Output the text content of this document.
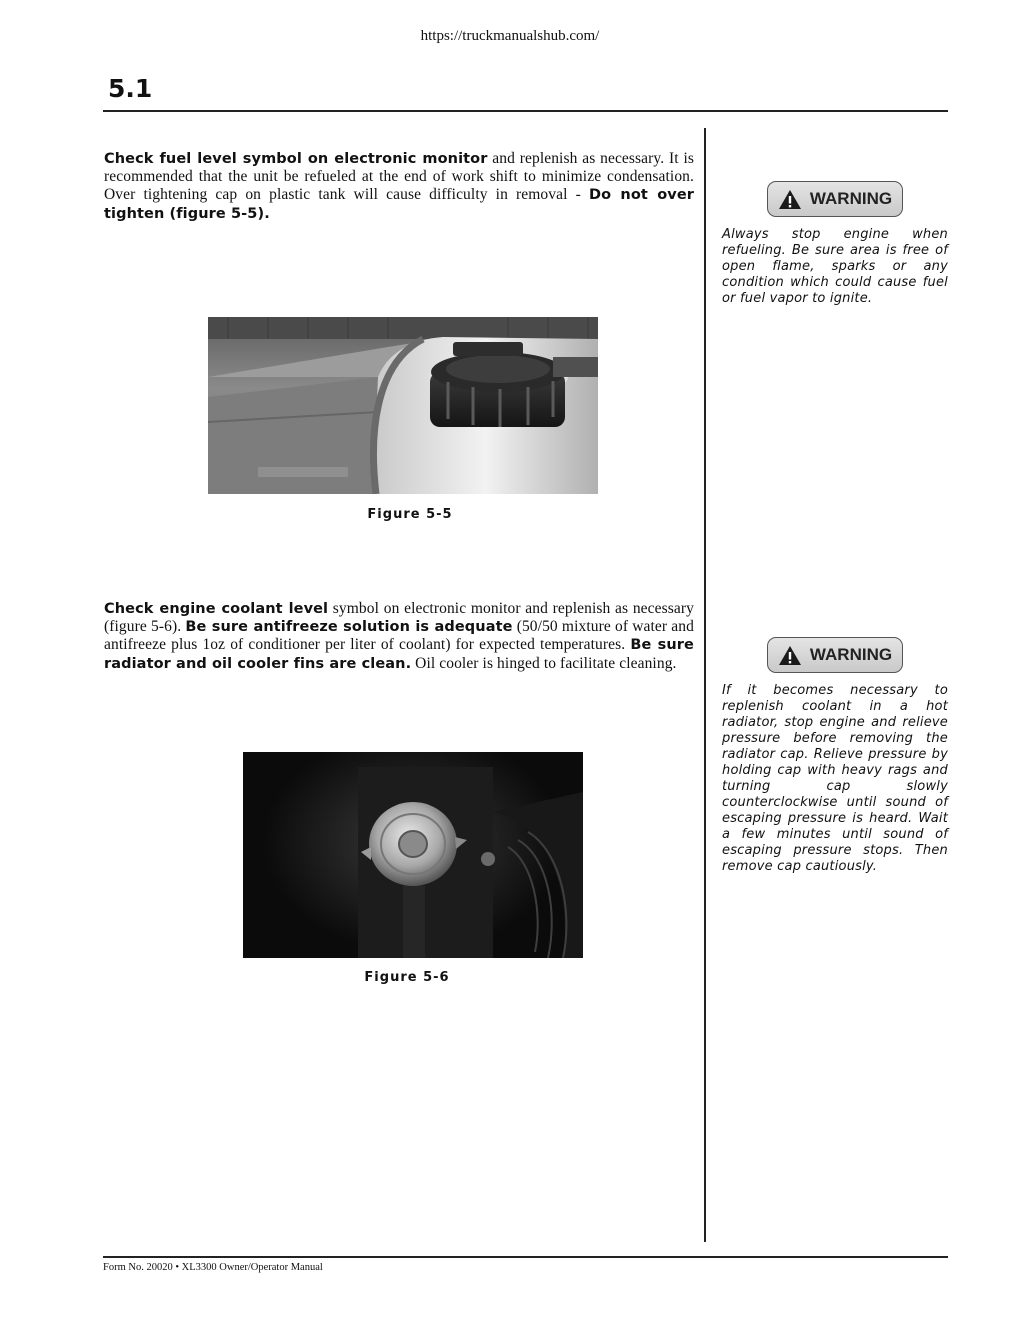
https://truckmanualshub.com/
5.1
Check fuel level symbol on electronic monitor and replenish as necessary. It is recommended that the unit be refueled at the end of work shift to minimize condensation. Over tightening cap on plastic tank will cause difficulty in removal - Do not over tighten (figure 5-5).
Figure 5-5
Check engine coolant level symbol on electronic monitor and replenish as necessary (figure 5-6). Be sure antifreeze solution is adequate (50/50 mixture of water and antifreeze plus 1oz of conditioner per liter of coolant) for expected temperatures. Be sure radiator and oil cooler fins are clean. Oil cooler is hinged to facilitate cleaning.
Figure 5-6
WARNING
Always stop engine when refueling. Be sure area is free of open flame, sparks or any condition which could cause fuel or fuel vapor to ignite.
WARNING
If it becomes necessary to replenish coolant in a hot radiator, stop engine and relieve pressure before removing the radiator cap. Relieve pressure by holding cap with heavy rags and turning cap slowly counterclockwise until sound of escaping pressure is heard. Wait a few minutes until sound of escaping pressure stops. Then remove cap cautiously.
Form No. 20020 • XL3300 Owner/Operator Manual
